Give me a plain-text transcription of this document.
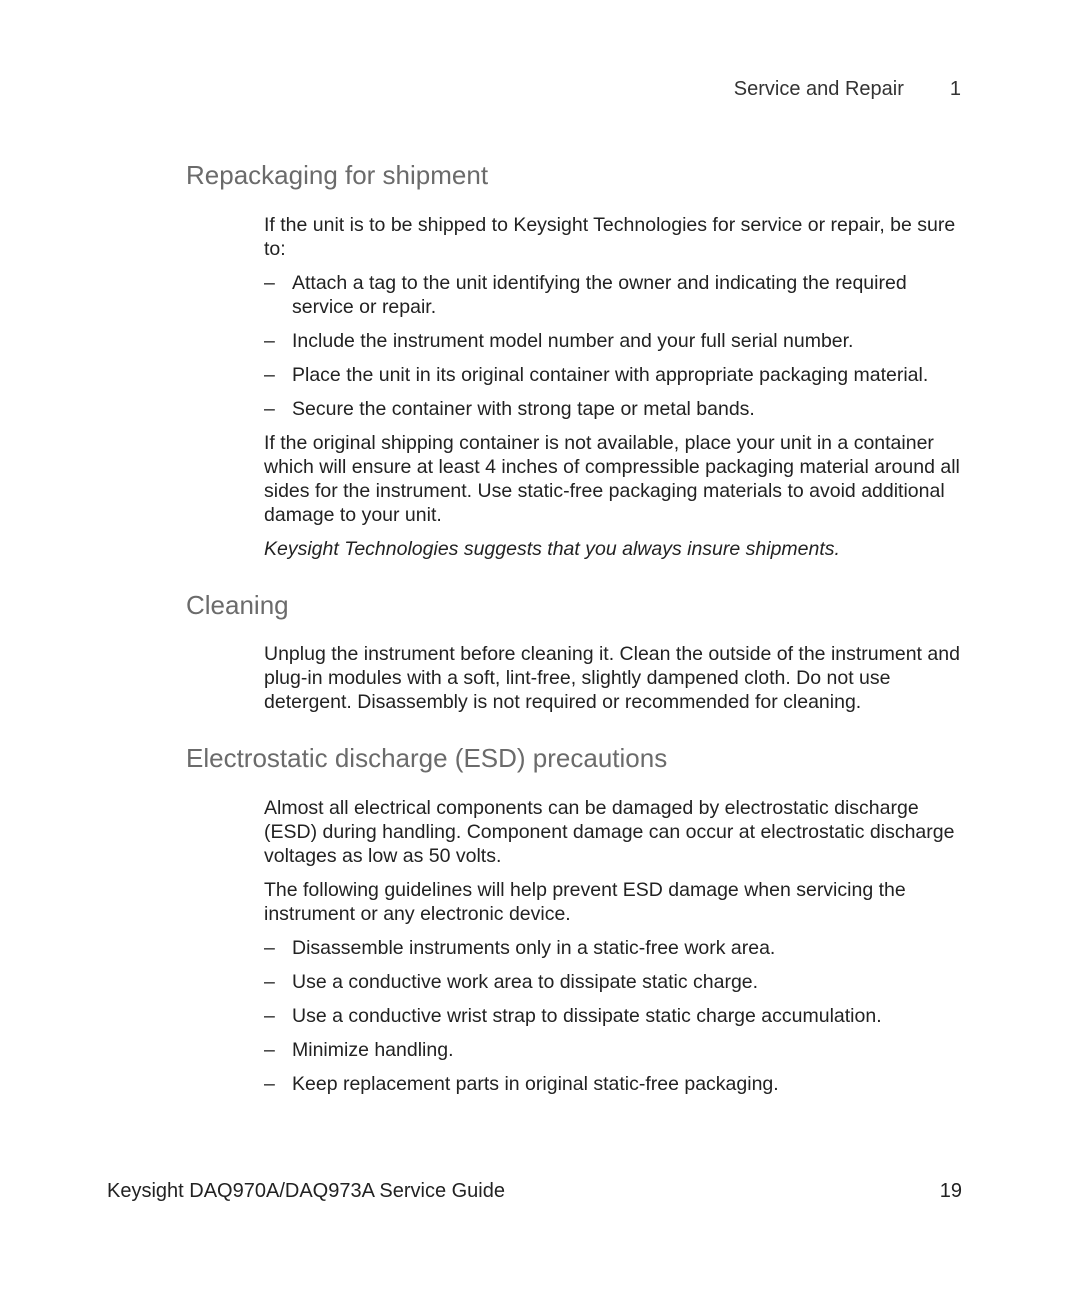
Service and Repair 1
Repackaging for shipment

If the unit is to be shipped to Keysight Technologies for service or repair, be sure to:

– Attach a tag to the unit identifying the owner and indicating the required service or repair.
– Include the instrument model number and your full serial number.
– Place the unit in its original container with appropriate packaging material.
– Secure the container with strong tape or metal bands.

If the original shipping container is not available, place your unit in a container which will ensure at least 4 inches of compressible packaging material around all sides for the instrument. Use static-free packaging materials to avoid additional damage to your unit.

Keysight Technologies suggests that you always insure shipments.

Cleaning

Unplug the instrument before cleaning it. Clean the outside of the instrument and plug-in modules with a soft, lint-free, slightly dampened cloth. Do not use detergent. Disassembly is not required or recommended for cleaning.

Electrostatic discharge (ESD) precautions

Almost all electrical components can be damaged by electrostatic discharge (ESD) during handling. Component damage can occur at electrostatic discharge voltages as low as 50 volts.

The following guidelines will help prevent ESD damage when servicing the instrument or any electronic device.

– Disassemble instruments only in a static-free work area.
– Use a conductive work area to dissipate static charge.
– Use a conductive wrist strap to dissipate static charge accumulation.
– Minimize handling.
– Keep replacement parts in original static-free packaging.
Keysight DAQ970A/DAQ973A Service Guide	19
